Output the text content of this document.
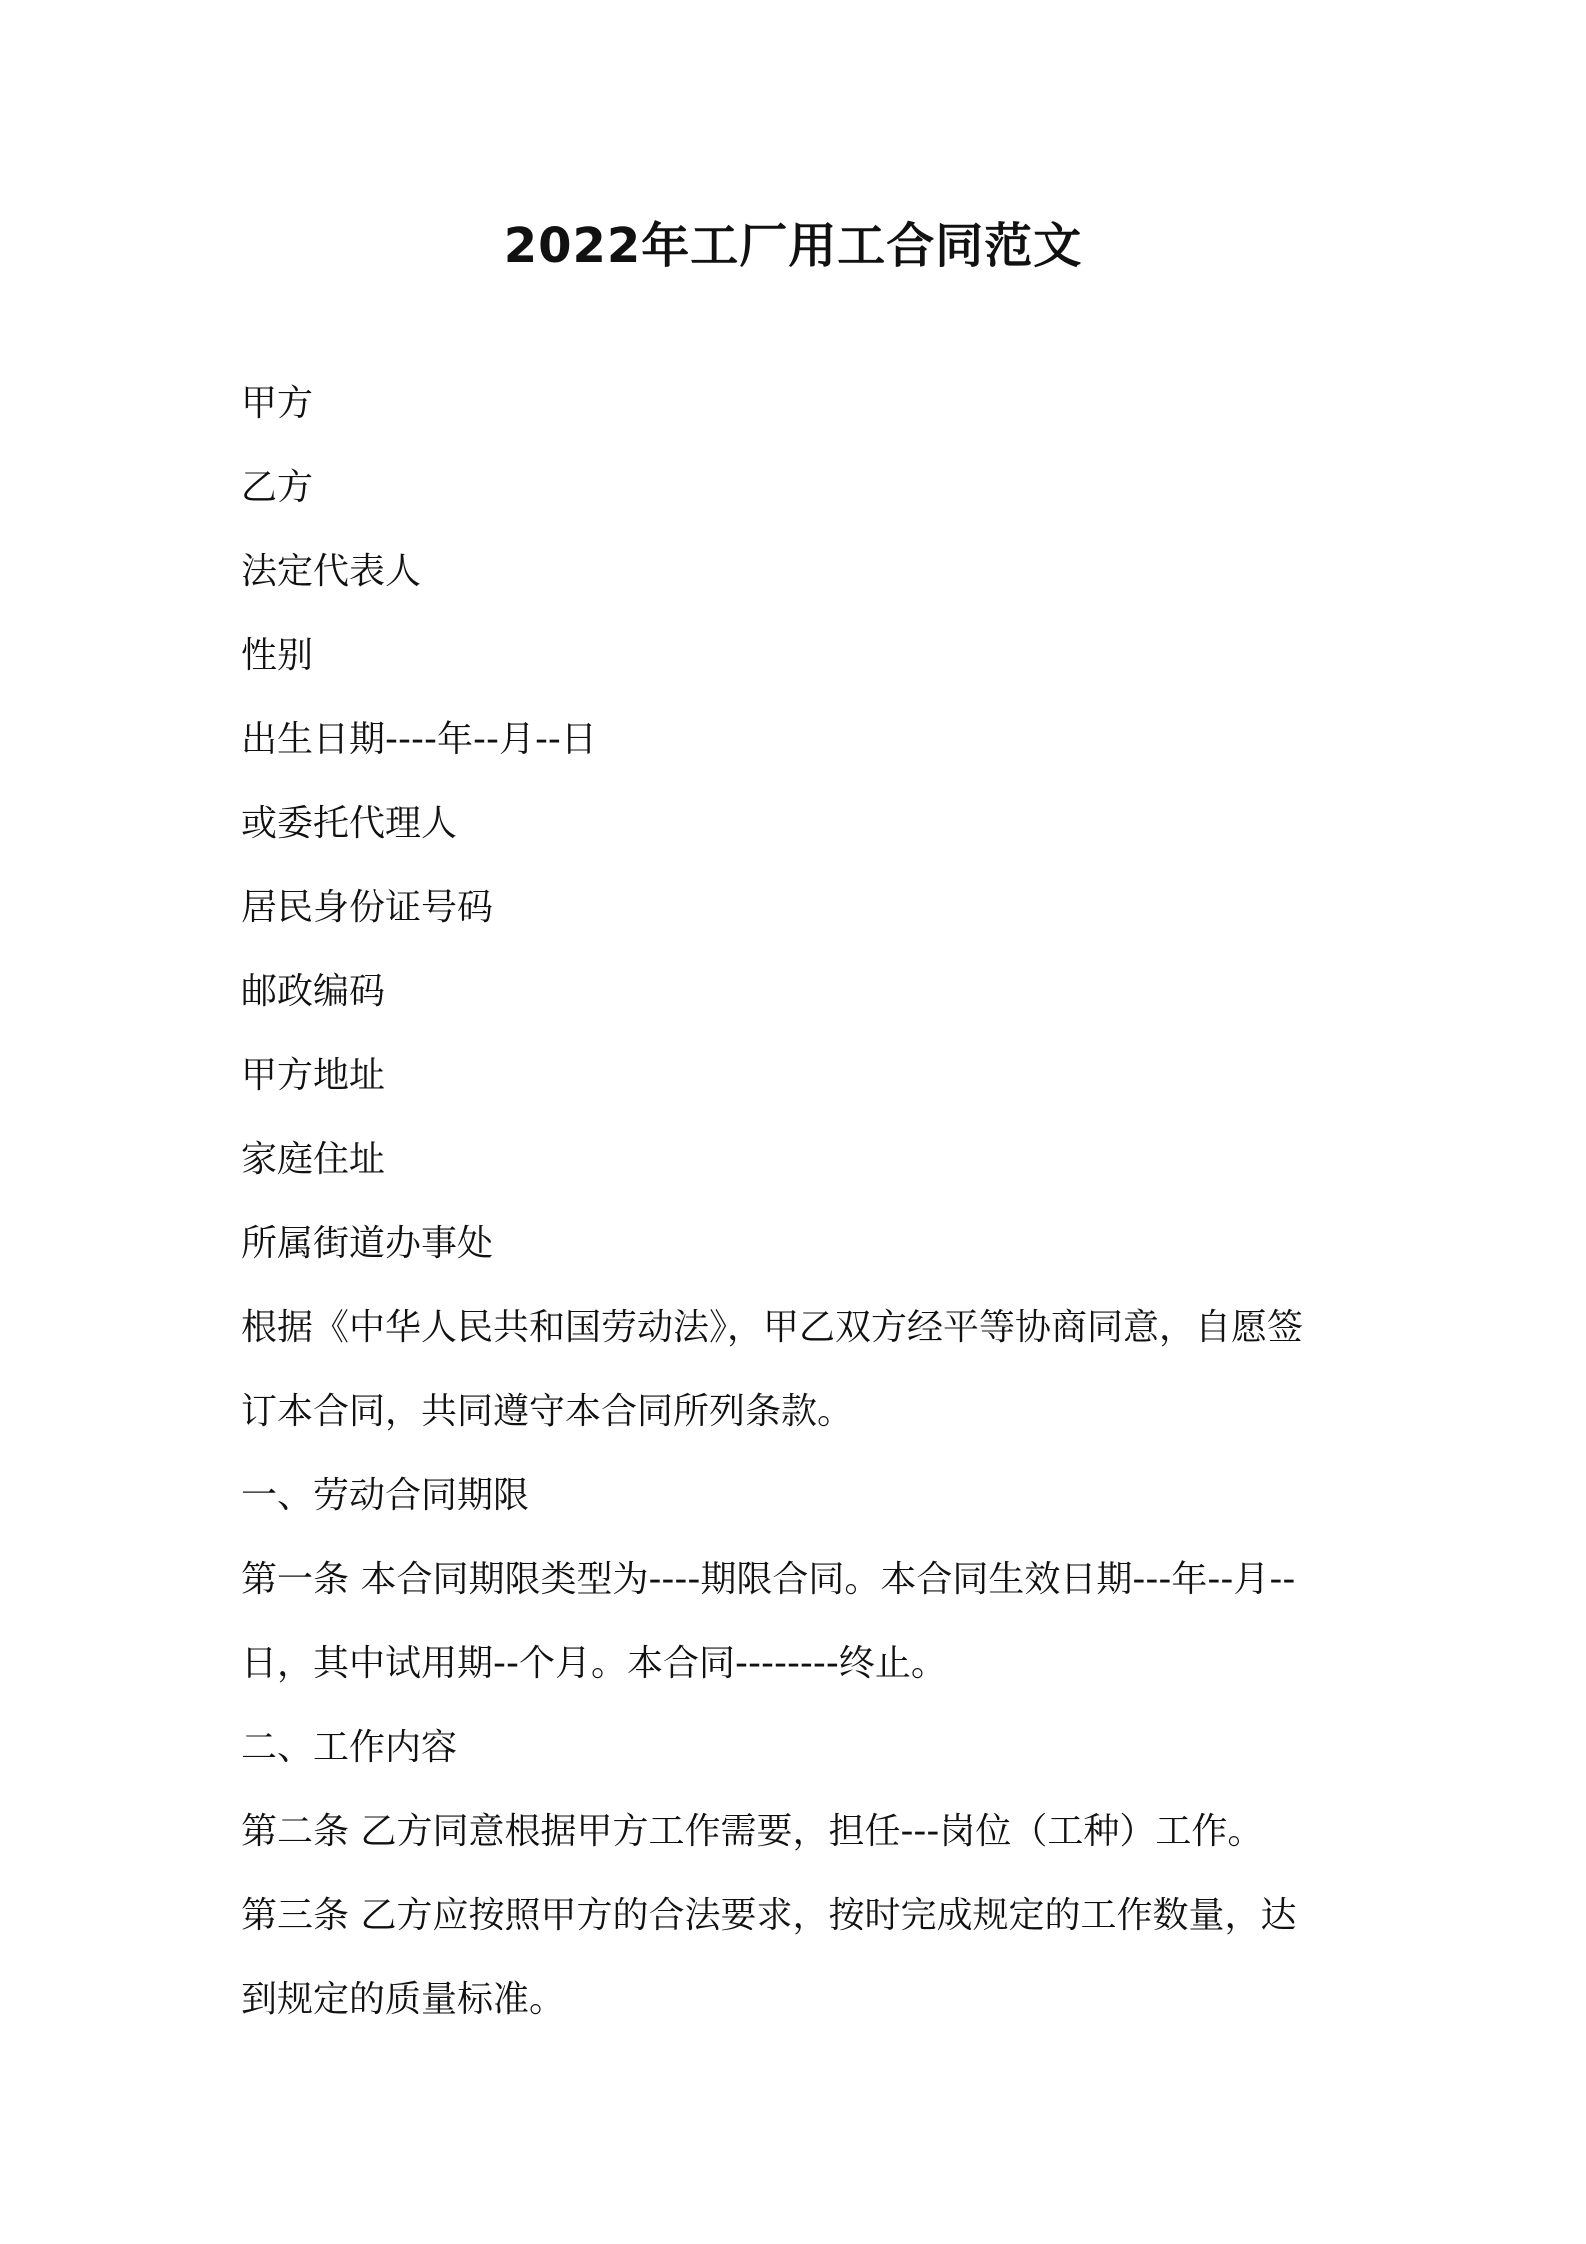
2022年工厂用工合同范文

甲方

乙方

法定代表人

性别

出生日期----年--月--日

或委托代理人

居民身份证号码

邮政编码

甲方地址

家庭住址

所属街道办事处

根据《中华人民共和国劳动法》，甲乙双方经平等协商同意，自愿签

订本合同，共同遵守本合同所列条款。

一、劳动合同期限

第一条 本合同期限类型为----期限合同。本合同生效日期---年--月--

日，其中试用期--个月。本合同--------终止。

二、工作内容

第二条 乙方同意根据甲方工作需要，担任---岗位（工种）工作。

第三条 乙方应按照甲方的合法要求，按时完成规定的工作数量，达

到规定的质量标准。
